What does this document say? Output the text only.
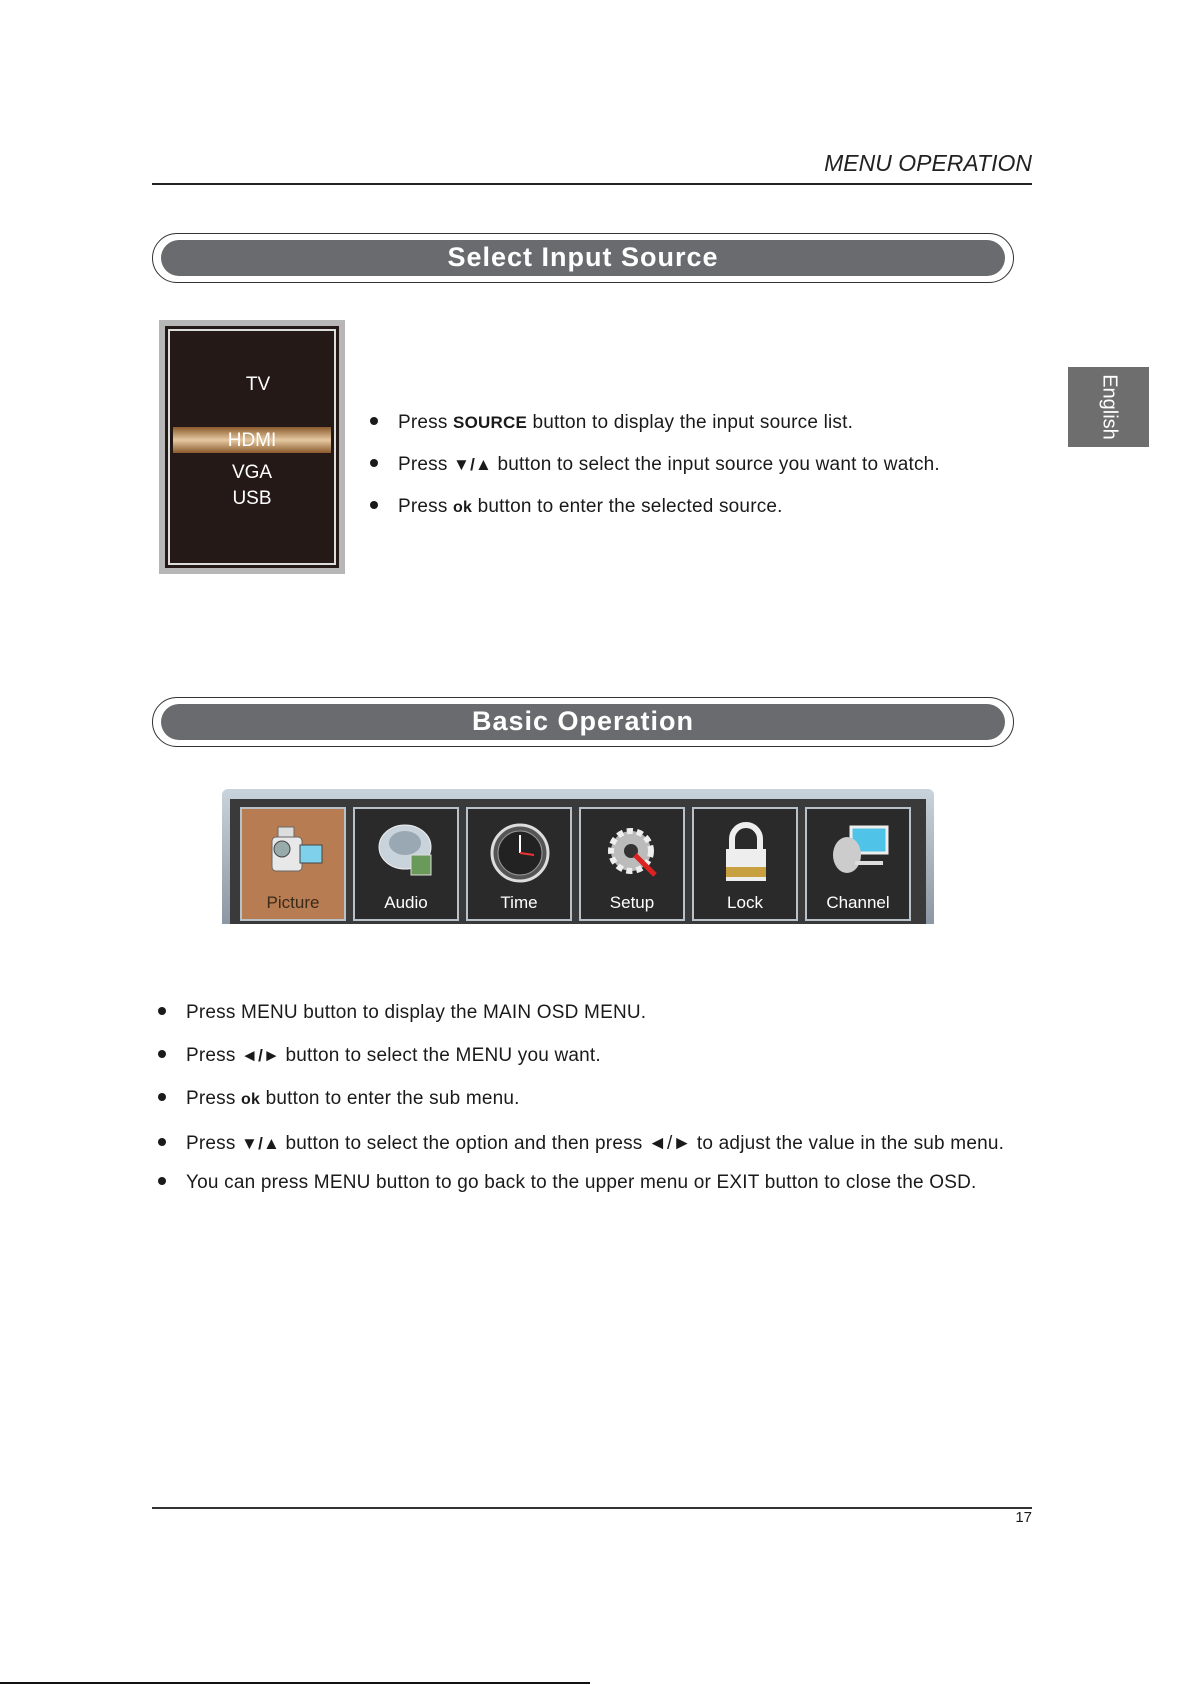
MENU OPERATION
English
Select Input Source
TV
HDMI
VGA
USB
Press SOURCE button to display the input source list.
Press ▼/▲ button to select the input source you want to watch.
Press ok button to enter the selected source.
Basic Operation
Picture	Audio	Time	Setup	Lock	Channel
Press MENU button to display the MAIN OSD MENU.
Press ◄/► button to select the MENU you want.
Press ok button to enter the sub menu.
Press ▼/▲ button to select the option and then press ◄/► to adjust the value in the sub menu.
You can press MENU button to go back to the upper menu or EXIT button to close the OSD.
17
